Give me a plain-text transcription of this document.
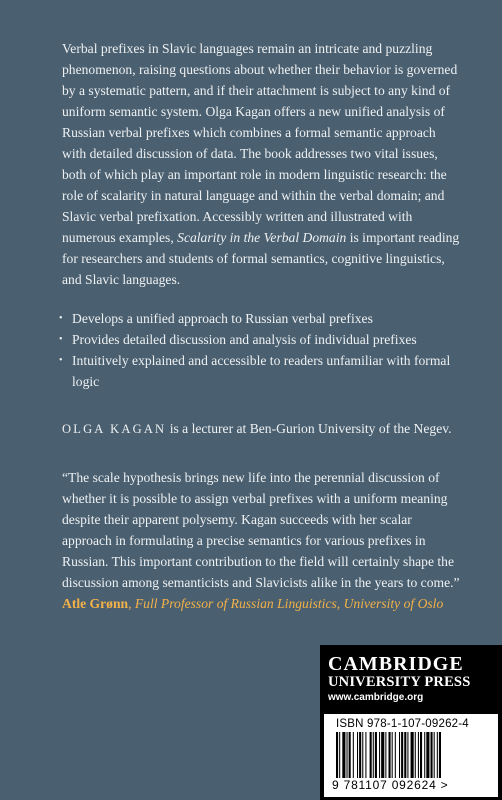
Verbal prefixes in Slavic languages remain an intricate and puzzling phenomenon, raising questions about whether their behavior is governed by a systematic pattern, and if their attachment is subject to any kind of uniform semantic system. Olga Kagan offers a new unified analysis of Russian verbal prefixes which combines a formal semantic approach with detailed discussion of data. The book addresses two vital issues, both of which play an important role in modern linguistic research: the role of scalarity in natural language and within the verbal domain; and Slavic verbal prefixation. Accessibly written and illustrated with numerous examples, Scalarity in the Verbal Domain is important reading for researchers and students of formal semantics, cognitive linguistics, and Slavic languages.

• Develops a unified approach to Russian verbal prefixes
• Provides detailed discussion and analysis of individual prefixes
• Intuitively explained and accessible to readers unfamiliar with formal logic

OLGA KAGAN is a lecturer at Ben-Gurion University of the Negev.

“The scale hypothesis brings new life into the perennial discussion of whether it is possible to assign verbal prefixes with a uniform meaning despite their apparent polysemy. Kagan succeeds with her scalar approach in formulating a precise semantics for various prefixes in Russian. This important contribution to the field will certainly shape the discussion among semanticists and Slavicists alike in the years to come.”

Atle Grønn, Full Professor of Russian Linguistics, University of Oslo

CAMBRIDGE
UNIVERSITY PRESS
www.cambridge.org
ISBN 978-1-107-09262-4
9 781107 092624 >
